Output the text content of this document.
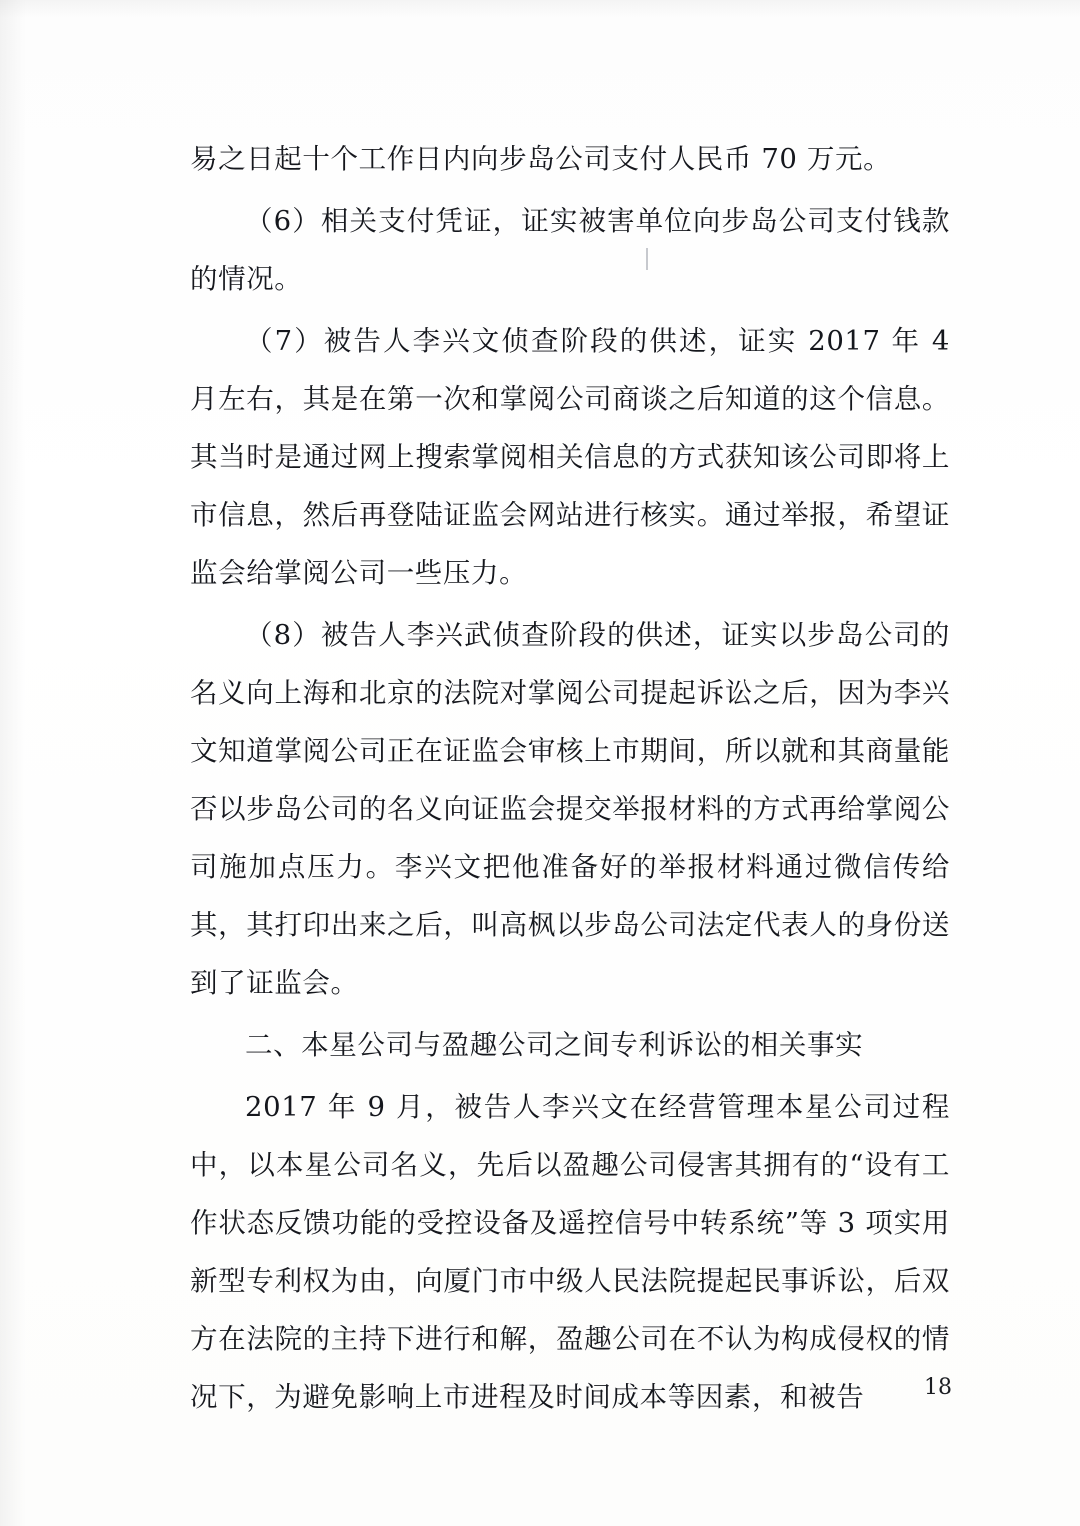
易之日起十个工作日内向步岛公司支付人民币 70 万元。

（6）相关支付凭证，证实被害单位向步岛公司支付钱款的情况。

（7）被告人李兴文侦查阶段的供述，证实 2017 年 4 月左右，其是在第一次和掌阅公司商谈之后知道的这个信息。其当时是通过网上搜索掌阅相关信息的方式获知该公司即将上市信息，然后再登陆证监会网站进行核实。通过举报，希望证监会给掌阅公司一些压力。

（8）被告人李兴武侦查阶段的供述，证实以步岛公司的名义向上海和北京的法院对掌阅公司提起诉讼之后，因为李兴文知道掌阅公司正在证监会审核上市期间，所以就和其商量能否以步岛公司的名义向证监会提交举报材料的方式再给掌阅公司施加点压力。李兴文把他准备好的举报材料通过微信传给其，其打印出来之后，叫高枫以步岛公司法定代表人的身份送到了证监会。

二、本星公司与盈趣公司之间专利诉讼的相关事实

2017 年 9 月，被告人李兴文在经营管理本星公司过程中，以本星公司名义，先后以盈趣公司侵害其拥有的“设有工作状态反馈功能的受控设备及遥控信号中转系统”等 3 项实用新型专利权为由，向厦门市中级人民法院提起民事诉讼，后双方在法院的主持下进行和解，盈趣公司在不认为构成侵权的情况下，为避免影响上市进程及时间成本等因素，和被告	18
